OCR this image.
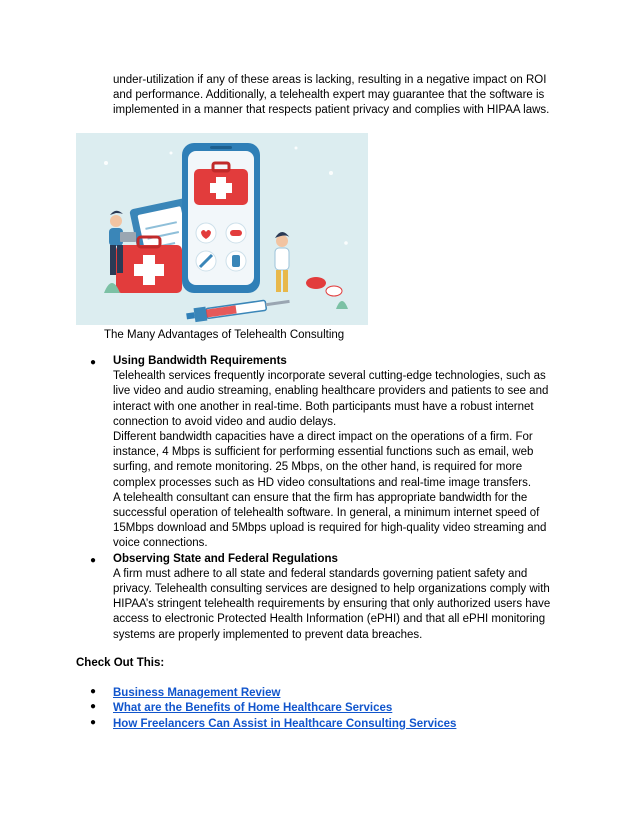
under-utilization if any of these areas is lacking, resulting in a negative impact on ROI and performance. Additionally, a telehealth expert may guarantee that the software is implemented in a manner that respects patient privacy and complies with HIPAA laws.

The Many Advantages of Telehealth Consulting
● Using Bandwidth Requirements
Telehealth services frequently incorporate several cutting-edge technologies, such as live video and audio streaming, enabling healthcare providers and patients to see and interact with one another in real-time. Both participants must have a robust internet connection to avoid video and audio delays.
Different bandwidth capacities have a direct impact on the operations of a firm. For instance, 4 Mbps is sufficient for performing essential functions such as email, web surfing, and remote monitoring. 25 Mbps, on the other hand, is required for more complex processes such as HD video consultations and real-time image transfers.
A telehealth consultant can ensure that the firm has appropriate bandwidth for the successful operation of telehealth software. In general, a minimum internet speed of 15Mbps download and 5Mbps upload is required for high-quality video streaming and voice connections.
● Observing State and Federal Regulations
A firm must adhere to all state and federal standards governing patient safety and privacy. Telehealth consulting services are designed to help organizations comply with HIPAA’s stringent telehealth requirements by ensuring that only authorized users have access to electronic Protected Health Information (ePHI) and that all ePHI monitoring systems are properly implemented to prevent data breaches.
Check Out This:
● Business Management Review
● What are the Benefits of Home Healthcare Services
● How Freelancers Can Assist in Healthcare Consulting Services
